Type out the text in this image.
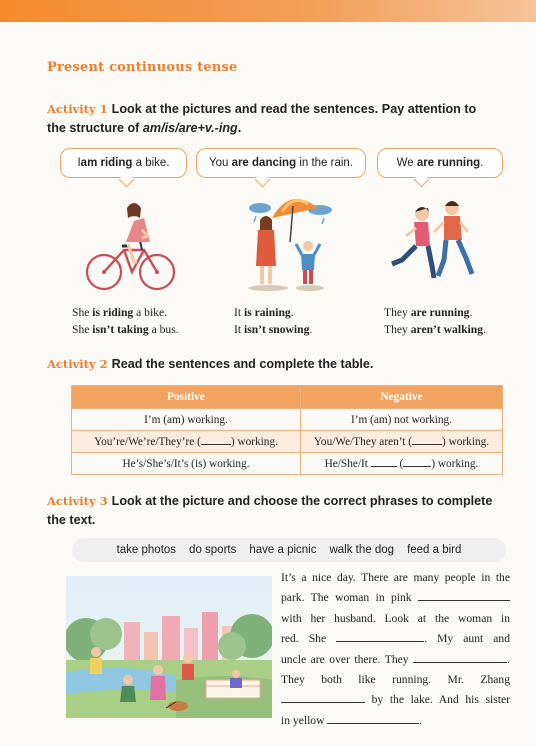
Present continuous tense
Activity 1 Look at the pictures and read the sentences. Pay attention to
the structure of am/is/are+v.-ing.
I am riding a bike.	You are dancing in the rain.	We are running .
She is riding a bike.
She isn’t taking a bus.
It is raining.
It isn’t snowing.
They are running.
They aren’t walking.
Activity 2 Read the sentences and complete the table.
Positive	Negative
I’m (am) working.	I’m (am) not working.
You’re/We’re/They’re ( ) working.	You/We/They aren’t ( ) working.
He’s/She’s/It’s (is) working.	He/She/It ( ) working.
Activity 3 Look at the picture and choose the correct phrases to complete
the text.
take photos do sports have a picnic walk the dog feed a bird
It’s a nice day. There are many people in the
park. The woman in pink
with her husband. Look at the woman in
red. She	. My aunt and
uncle are over there. They	.
They both like running. Mr. Zhang
by the lake. And his sister
in yellow	.
